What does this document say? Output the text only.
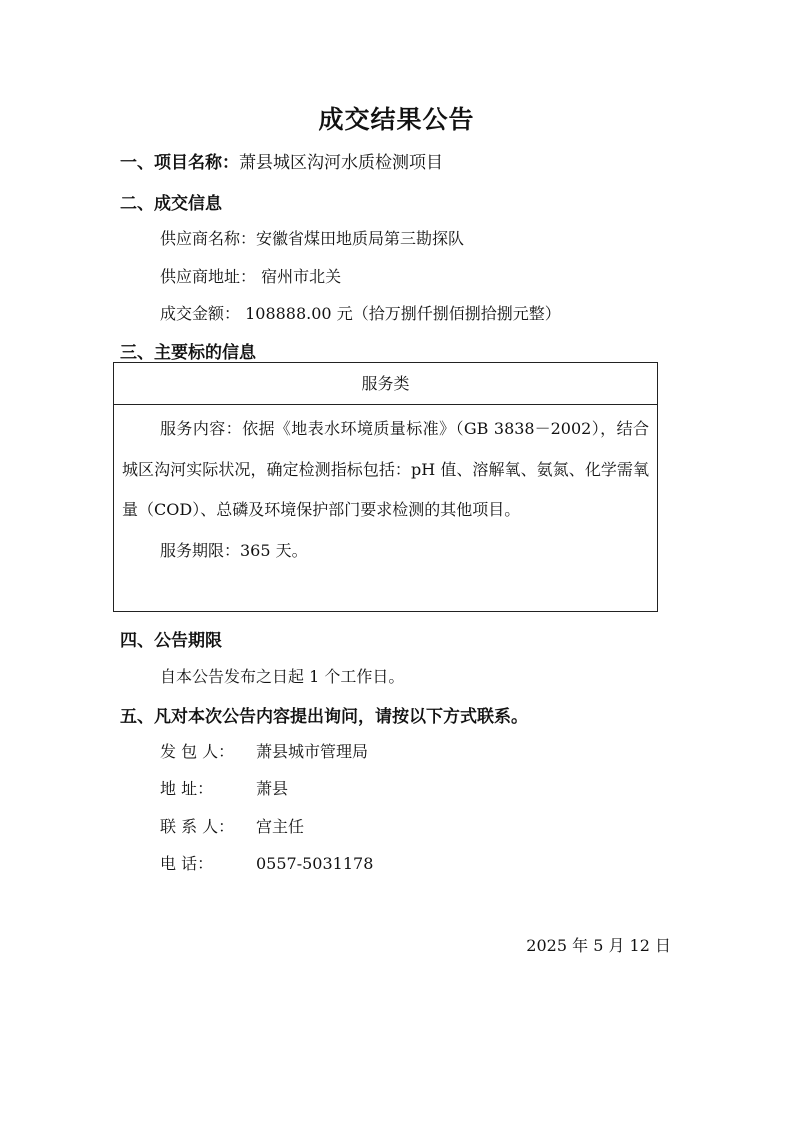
成交结果公告
一、项目名称：萧县城区沟河水质检测项目
二、成交信息
供应商名称：安徽省煤田地质局第三勘探队
供应商地址： 宿州市北关
成交金额： 108888.00 元（拾万捌仟捌佰捌拾捌元整）
三、主要标的信息
服务类

服务内容：依据《地表水环境质量标准》（GB 3838－2002），结合城区沟河实际状况，确定检测指标包括：pH 值、溶解氧、氨氮、化学需氧量（COD）、总磷及环境保护部门要求检测的其他项目。

服务期限：365 天。

四、公告期限
自本公告发布之日起 1 个工作日。
五、凡对本次公告内容提出询问，请按以下方式联系。
发 包 人： 萧县城市管理局
地 址：	萧县
联 系 人： 宫主任
电 话：	0557-5031178
2025 年 5 月 12 日
